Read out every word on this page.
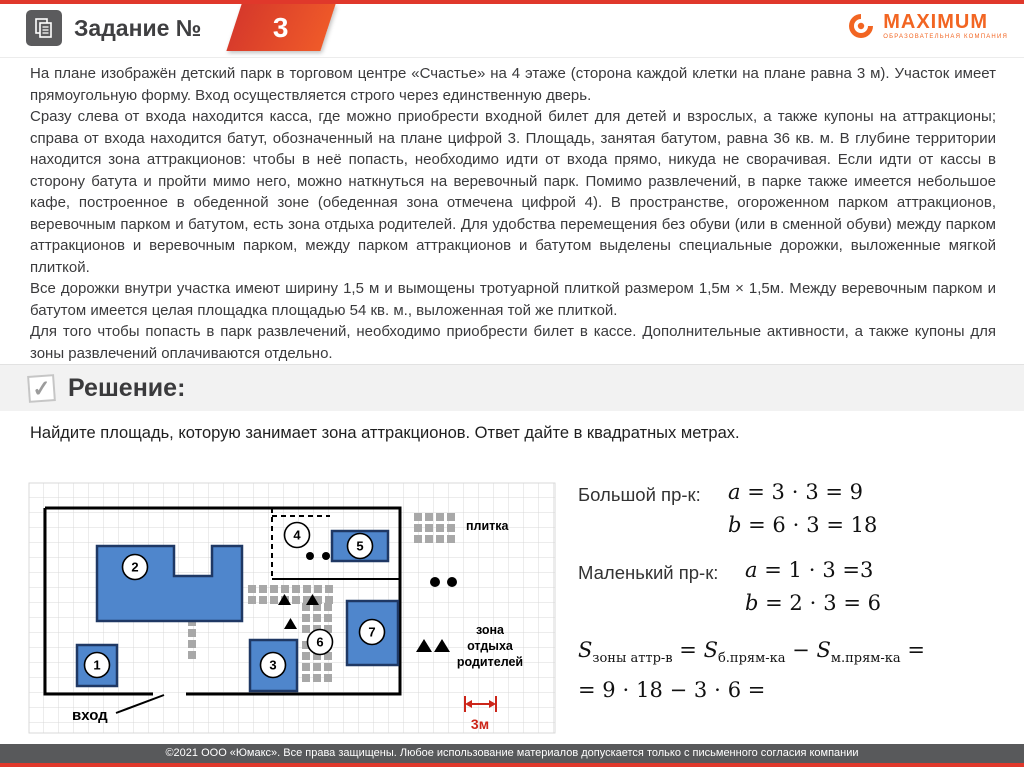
Задание №	3	MAXIMUM
ОБРАЗОВАТЕЛЬНАЯ КОМПАНИЯ

На плане изображён детский парк в торговом центре «Счастье» на 4 этаже (сторона каждой клетки на плане равна 3 м). Участок имеет прямоугольную форму. Вход осуществляется строго через единственную дверь.

Сразу слева от входа находится касса, где можно приобрести входной билет для детей и взрослых, а также купоны на аттракционы; справа от входа находится батут, обозначенный на плане цифрой 3. Площадь, занятая батутом, равна 36 кв. м. В глубине территории находится зона аттракционов: чтобы в неё попасть, необходимо идти от входа прямо, никуда не сворачивая. Если идти от кассы в сторону батута и пройти мимо него, можно наткнуться на веревочный парк. Помимо развлечений, в парке также имеется небольшое кафе, построенное в обеденной зоне (обеденная зона отмечена цифрой 4). В пространстве, огороженном парком аттракционов, веревочным парком и батутом, есть зона отдыха родителей. Для удобства перемещения без обуви (или в сменной обуви) между парком аттракционов и веревочным парком, между парком аттракционов и батутом выделены специальные дорожки, выложенные мягкой плиткой.

Все дорожки внутри участка имеют ширину 1,5 м и вымощены тротуарной плиткой размером 1,5м × 1,5м. Между веревочным парком и батутом имеется целая площадка площадью 54 кв. м., выложенная той же плиткой.

Для того чтобы попасть в парк развлечений, необходимо приобрести билет в кассе. Дополнительные активности, а также купоны для зоны развлечений оплачиваются отдельно.

✓ Решение:

Найдите площадь, которую занимает зона аттракционов. Ответ дайте в квадратных метрах.

1
2
3
4
5
6
7
плитка
зона
отдыха
родителей
вход	3м
Большой пр-к:	a = 3 ⋅ 3 = 9
b = 6 ⋅ 3 = 18
Маленький пр-к:	a = 1 ⋅ 3 =3
b = 2 ⋅ 3 = 6
$S_{зоны аттр-в} = S_{б.прям-ка} - S_{м.прям-ка}$ =
= 9 ⋅ 18 − 3 ⋅ 6 =
©2021 ООО «Юмакс». Все права защищены. Любое использование материалов допускается только с письменного согласия компании
